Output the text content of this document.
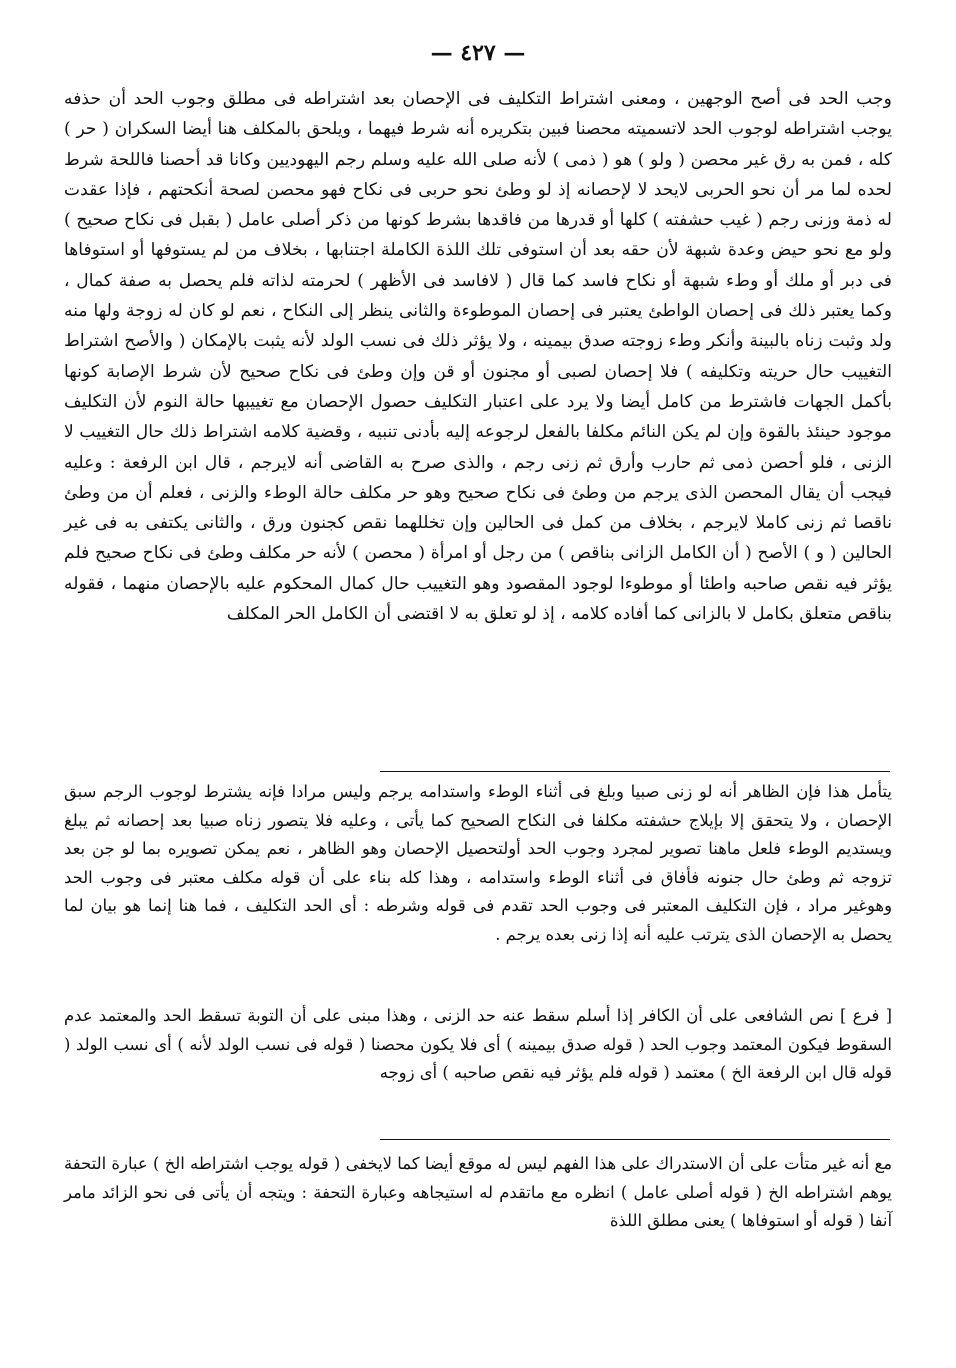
— ٤٢٧ —

وجب الحد فى أصح الوجهين ، ومعنى اشتراط التكليف فى الإحصان بعد اشتراطه فى مطلق وجوب الحد أن حذفه يوجب اشتراطه لوجوب الحد لاتسميته محصنا فبين بتكريره أنه شرط فيهما ، ويلحق بالمكلف هنا أيضا السكران ( حر ) كله ، فمن به رق غير محصن ( ولو ) هو ( ذمى ) لأنه صلى الله عليه وسلم رجم اليهوديين وكانا قد أحصنا فاللحة شرط لحده لما مر أن نحو الحربى لايحد لا لإحصانه إذ لو وطئ نحو حربى فى نكاح فهو محصن لصحة أنكحتهم ، فإذا عقدت له ذمة وزنى رجم ( غيب حشفته ) كلها أو قدرها من فاقدها بشرط كونها من ذكر أصلى عامل ( بقبل فى نكاح صحيح ) ولو مع نحو حيض وعدة شبهة لأن حقه بعد أن استوفى تلك اللذة الكاملة اجتنابها ، بخلاف من لم يستوفها أو استوفاها فى دبر أو ملك أو وطء شبهة أو نكاح فاسد كما قال ( لافاسد فى الأظهر ) لحرمته لذاته فلم يحصل به صفة كمال ، وكما يعتبر ذلك فى إحصان الواطئ يعتبر فى إحصان الموطوءة والثانى ينظر إلى النكاح ، نعم لو كان له زوجة ولها منه ولد وثبت زناه بالبينة وأنكر وطء زوجته صدق بيمينه ، ولا يؤثر ذلك فى نسب الولد لأنه يثبت بالإمكان ( والأصح اشتراط التغييب حال حريته وتكليفه ) فلا إحصان لصبى أو مجنون أو قن وإن وطئ فى نكاح صحيح لأن شرط الإصابة كونها بأكمل الجهات فاشترط من كامل أيضا ولا يرد على اعتبار التكليف حصول الإحصان مع تغييبها حالة النوم لأن التكليف موجود حينئذ بالقوة وإن لم يكن النائم مكلفا بالفعل لرجوعه إليه بأدنى تنبيه ، وقضية كلامه اشتراط ذلك حال التغييب لا الزنى ، فلو أحصن ذمى ثم حارب وأرق ثم زنى رجم ، والذى صرح به القاضى أنه لايرجم ، قال ابن الرفعة : وعليه فيجب أن يقال المحصن الذى يرجم من وطئ فى نكاح صحيح وهو حر مكلف حالة الوطء والزنى ، فعلم أن من وطئ ناقصا ثم زنى كاملا لايرجم ، بخلاف من كمل فى الحالين وإن تخللهما نقص كجنون ورق ، والثانى يكتفى به فى غير الحالين ( و ) الأصح ( أن الكامل الزانى بناقص ) من رجل أو امرأة ( محصن ) لأنه حر مكلف وطئ فى نكاح صحيح فلم يؤثر فيه نقص صاحبه واطئا أو موطوءا لوجود المقصود وهو التغييب حال كمال المحكوم عليه بالإحصان منهما ، فقوله بناقص متعلق بكامل لا بالزانى كما أفاده كلامه ، إذ لو تعلق به لا اقتضى أن الكامل الحر المكلف

يتأمل هذا فإن الظاهر أنه لو زنى صبيا وبلغ فى أثناء الوطء واستدامه يرجم وليس مرادا فإنه يشترط لوجوب الرجم سبق الإحصان ، ولا يتحقق إلا بإيلاج حشفته مكلفا فى النكاح الصحيح كما يأتى ، وعليه فلا يتصور زناه صبيا بعد إحصانه ثم يبلغ ويستديم الوطء فلعل ماهنا تصوير لمجرد وجوب الحد أولتحصيل الإحصان وهو الظاهر ، نعم يمكن تصويره بما لو جن بعد تزوجه ثم وطئ حال جنونه فأفاق فى أثناء الوطء واستدامه ، وهذا كله بناء على أن قوله مكلف معتبر فى وجوب الحد وهوغير مراد ، فإن التكليف المعتبر فى وجوب الحد تقدم فى قوله وشرطه : أى الحد التكليف ، فما هنا إنما هو بيان لما يحصل به الإحصان الذى يترتب عليه أنه إذا زنى بعده يرجم .

[ فرع ] نص الشافعى على أن الكافر إذا أسلم سقط عنه حد الزنى ، وهذا مبنى على أن التوبة تسقط الحد والمعتمد عدم السقوط فيكون المعتمد وجوب الحد ( قوله صدق بيمينه ) أى فلا يكون محصنا ( قوله فى نسب الولد لأنه ) أى نسب الولد ( قوله قال ابن الرفعة الخ ) معتمد ( قوله فلم يؤثر فيه نقص صاحبه ) أى زوجه

مع أنه غير متأت على أن الاستدراك على هذا الفهم ليس له موقع أيضا كما لايخفى ( قوله يوجب اشتراطه الخ ) عبارة التحفة يوهم اشتراطه الخ ( قوله أصلى عامل ) انظره مع ماتقدم له استيجاهه وعبارة التحفة : ويتجه أن يأتى فى نحو الزائد مامر آنفا ( قوله أو استوفاها ) يعنى مطلق اللذة
